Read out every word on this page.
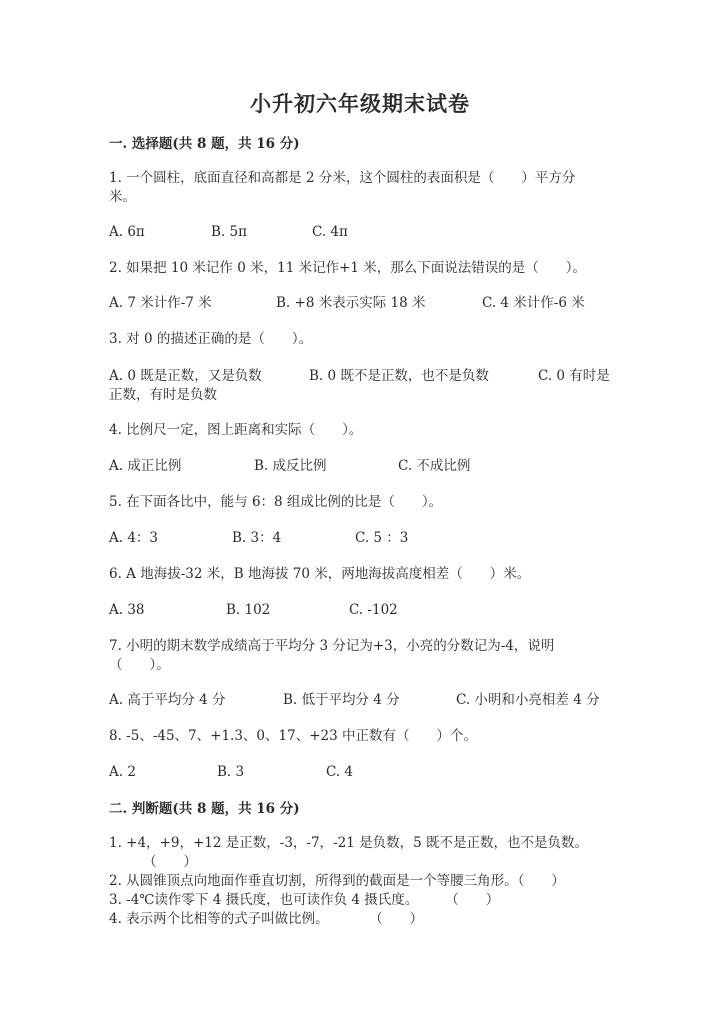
小升初六年级期末试卷
一. 选择题(共 8 题，共 16 分)
1. 一个圆柱，底面直径和高都是 2 分米，这个圆柱的表面积是（　　）平方分
米。
A. 6π	B. 5π	C. 4π
2. 如果把 10 米记作 0 米，11 米记作+1 米，那么下面说法错误的是（　　）。
A. 7 米计作-7 米	B. +8 米表示实际 18 米	C. 4 米计作-6 米
3. 对 0 的描述正确的是（　　）。
A. 0 既是正数，又是负数	B. 0 既不是正数，也不是负数	C. 0 有时是
正数，有时是负数
4. 比例尺一定，图上距离和实际（　　）。
A. 成正比例	B. 成反比例	C. 不成比例
5. 在下面各比中，能与 6：8 组成比例的比是（　　）。
A. 4：3	B. 3：4	C. 5 ：3
6. A 地海拔-32 米，B 地海拔 70 米，两地海拔高度相差（　　）米。
A. 38	B. 102	C. -102
7. 小明的期末数学成绩高于平均分 3 分记为+3，小亮的分数记为-4，说明
（　　）。
A. 高于平均分 4 分	B. 低于平均分 4 分	C. 小明和小亮相差 4 分
8. -5、-45、7、+1.3、0、17、+23 中正数有（　　）个。
A. 2	B. 3	C. 4
二. 判断题(共 8 题，共 16 分)
1. +4，+9，+12 是正数，-3，-7，-21 是负数，5 既不是正数，也不是负数。
（　　）
2. 从圆锥顶点向地面作垂直切割，所得到的截面是一个等腰三角形。（　　）
3. -4℃读作零下 4 摄氏度，也可读作负 4 摄氏度。　　　（　　）
4. 表示两个比相等的式子叫做比例。　　　　（　　）
